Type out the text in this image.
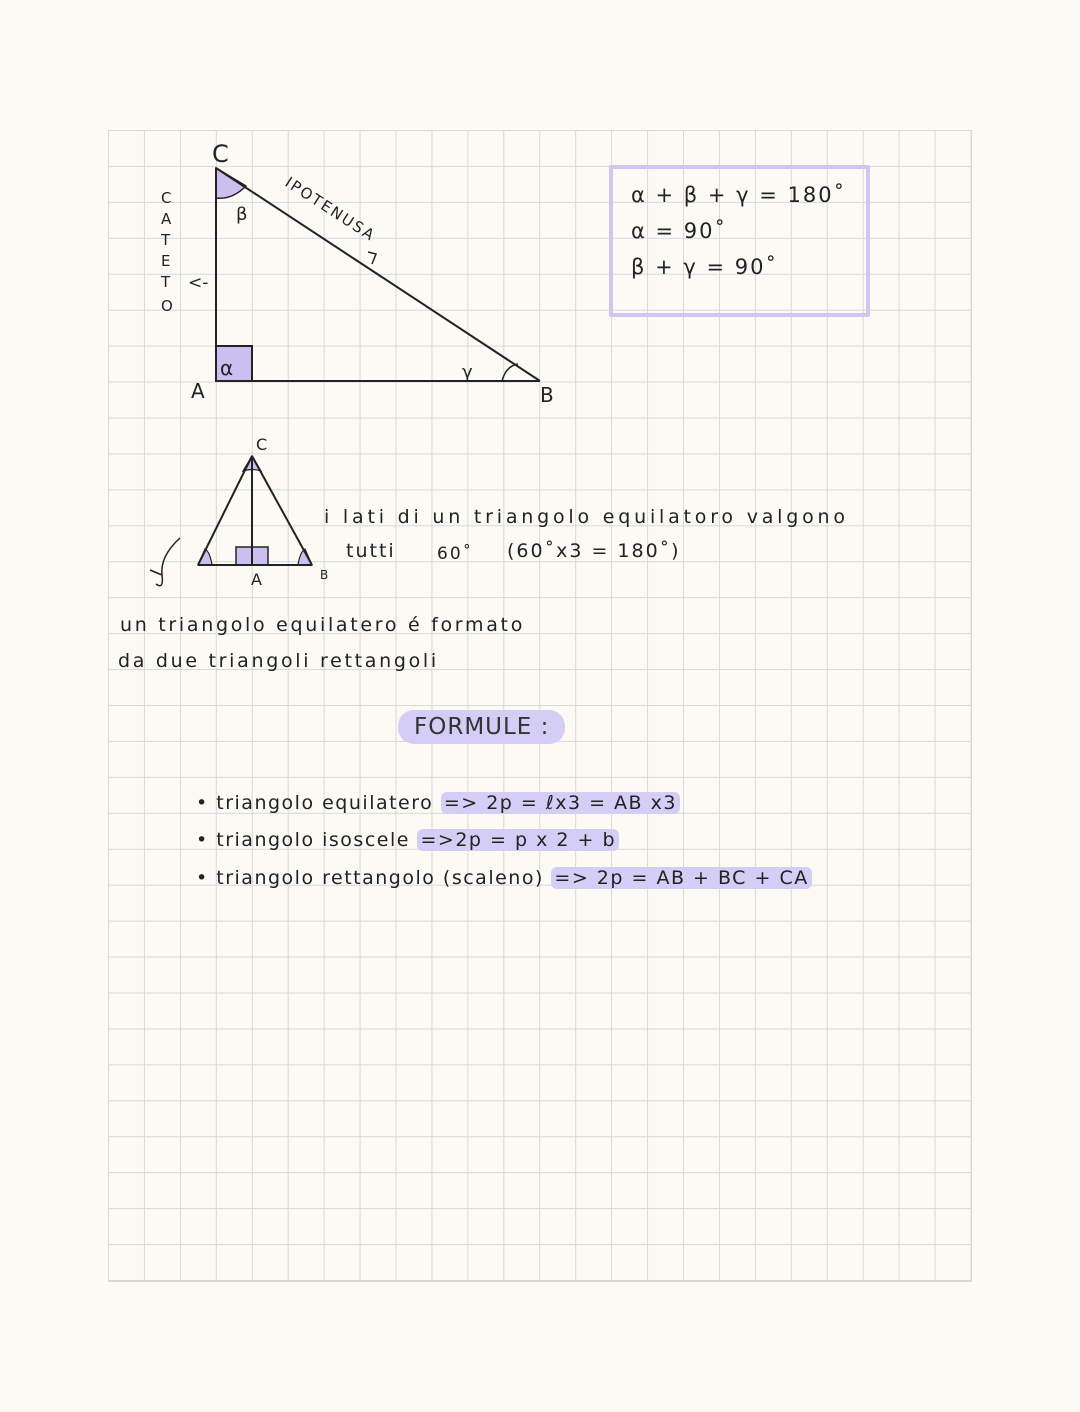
C
A	B
β
α	γ
IPOTENUSA
C
A
T
E
T
O
<-
C
A	B
α + β + γ = 180˚
α = 90˚
β + γ = 90˚
i lati di un triangolo equilatoro valgono
tutti 60˚ (60˚x3 = 180˚)
un triangolo equilatero é formato
da due triangoli rettangoli
FORMULE :
• triangolo equilatero => 2p = ℓx3 = AB x3
• triangolo isoscele =>2p = p x 2 + b
• triangolo rettangolo (scaleno) => 2p = AB + BC + CA
